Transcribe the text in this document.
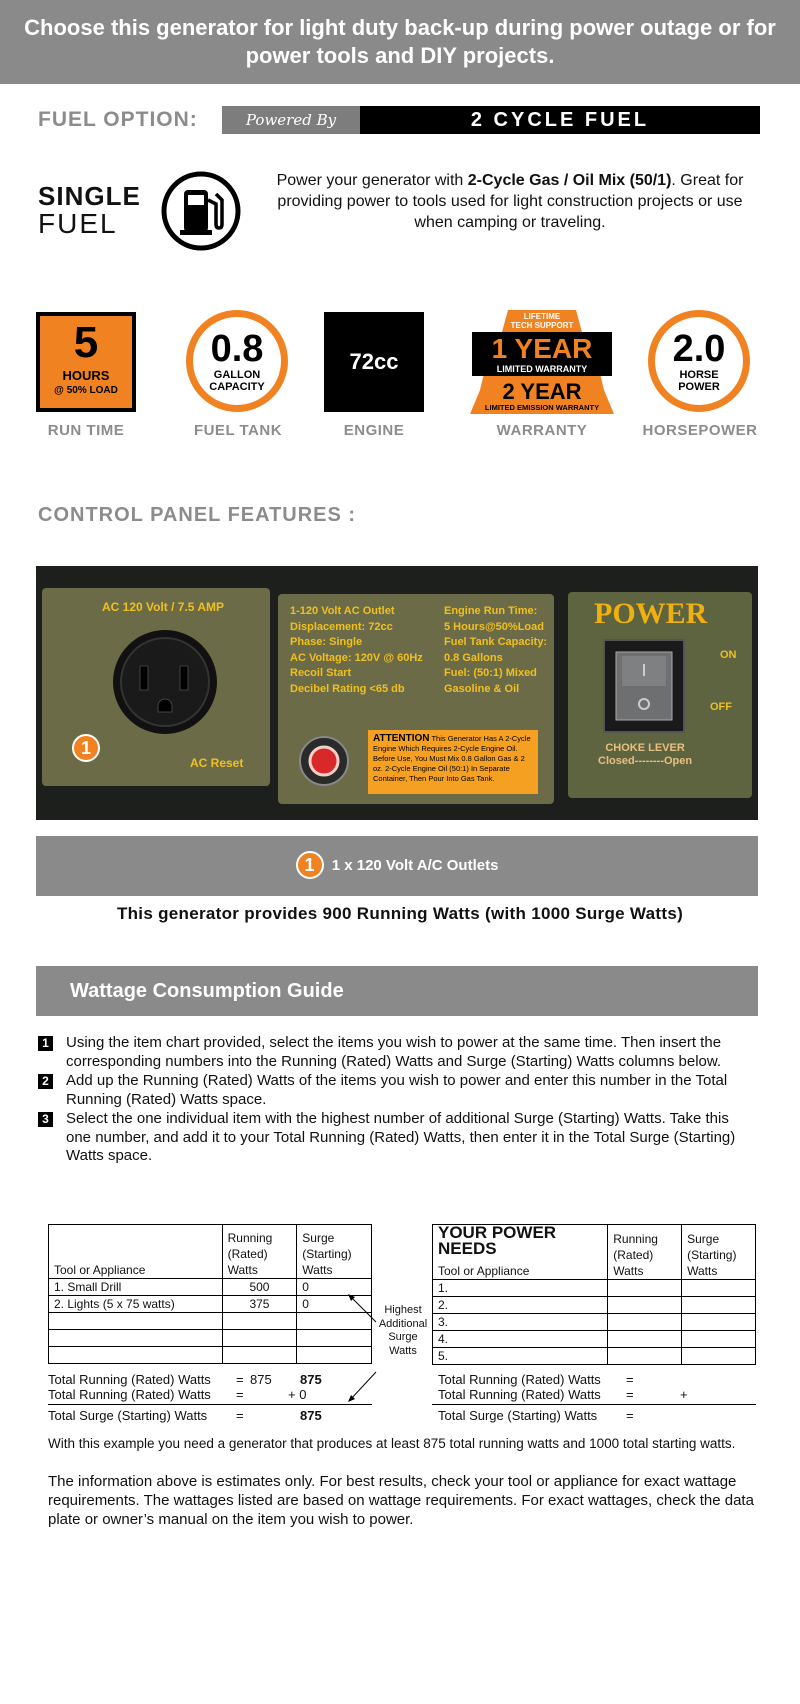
Choose this generator for light duty back-up during power outage or for power tools and DIY projects.
FUEL OPTION:	Powered By	2 CYCLE FUEL
SINGLE
FUEL
Power your generator with 2-Cycle Gas / Oil Mix (50/1). Great for providing power to tools used for light construction projects or use when camping or traveling.
5
HOURS
@ 50% LOAD
RUN TIME
0.8
GALLON
CAPACITY
FUEL TANK
72cc
ENGINE
LIFETIME
TECH SUPPORT
1 YEAR
LIMITED WARRANTY
2 YEAR
LIMITED EMISSION WARRANTY
WARRANTY
2.0
HORSE
POWER
HORSEPOWER
CONTROL PANEL FEATURES :
AC 120 Volt / 7.5 AMP
1
AC Reset
1-120 Volt AC Outlet
Displacement: 72cc
Phase: Single
AC Voltage: 120V @ 60Hz
Recoil Start
Decibel Rating <65 db
Engine Run Time:
5 Hours@50%Load
Fuel Tank Capacity:
0.8 Gallons
Fuel: (50:1) Mixed
Gasoline & Oil
ATTENTION This Generator Has A 2-Cycle Engine Which Requires 2-Cycle Engine Oil. Before Use, You Must Mix 0.8 Gallon Gas & 2 oz. 2-Cycle Engine Oil (50:1) In Separate Container, Then Pour Into Gas Tank.
POWER
ON
OFF
CHOKE LEVER
Closed--------Open
1 1 x 120 Volt A/C Outlets
This generator provides 900 Running Watts (with 1000 Surge Watts)
Wattage Consumption Guide
1 Using the item chart provided, select the items you wish to power at the same time. Then insert the corresponding numbers into the Running (Rated) Watts and Surge (Starting) Watts columns below.
2 Add up the Running (Rated) Watts of the items you wish to power and enter this number in the Total Running (Rated) Watts space.
3 Select the one individual item with the highest number of additional Surge (Starting) Watts. Take this one number, and add it to your Total Running (Rated) Watts, then enter it in the Total Surge (Starting) Watts space.
Tool or Appliance	Running (Rated) Watts	Surge (Starting) Watts
1. Small Drill	500	0
2. Lights (5 x 75 watts)	375	0

			Highest Additional Surge Watts
YOUR POWER NEEDS
Tool or Appliance	Running (Rated) Watts	Surge (Starting) Watts
1.		
2.		
3.		
4.		
5.		
Total Running (Rated) Watts = 875 875
Total Running (Rated) Watts =	+ 0
Total Surge (Starting) Watts =	875
Total Running (Rated) Watts =
Total Running (Rated) Watts =	+
Total Surge (Starting) Watts =
With this example you need a generator that produces at least 875 total running watts and 1000 total starting watts.
The information above is estimates only. For best results, check your tool or appliance for exact wattage requirements. The wattages listed are based on wattage requirements. For exact wattages, check the data plate or owner’s manual on the item you wish to power.
